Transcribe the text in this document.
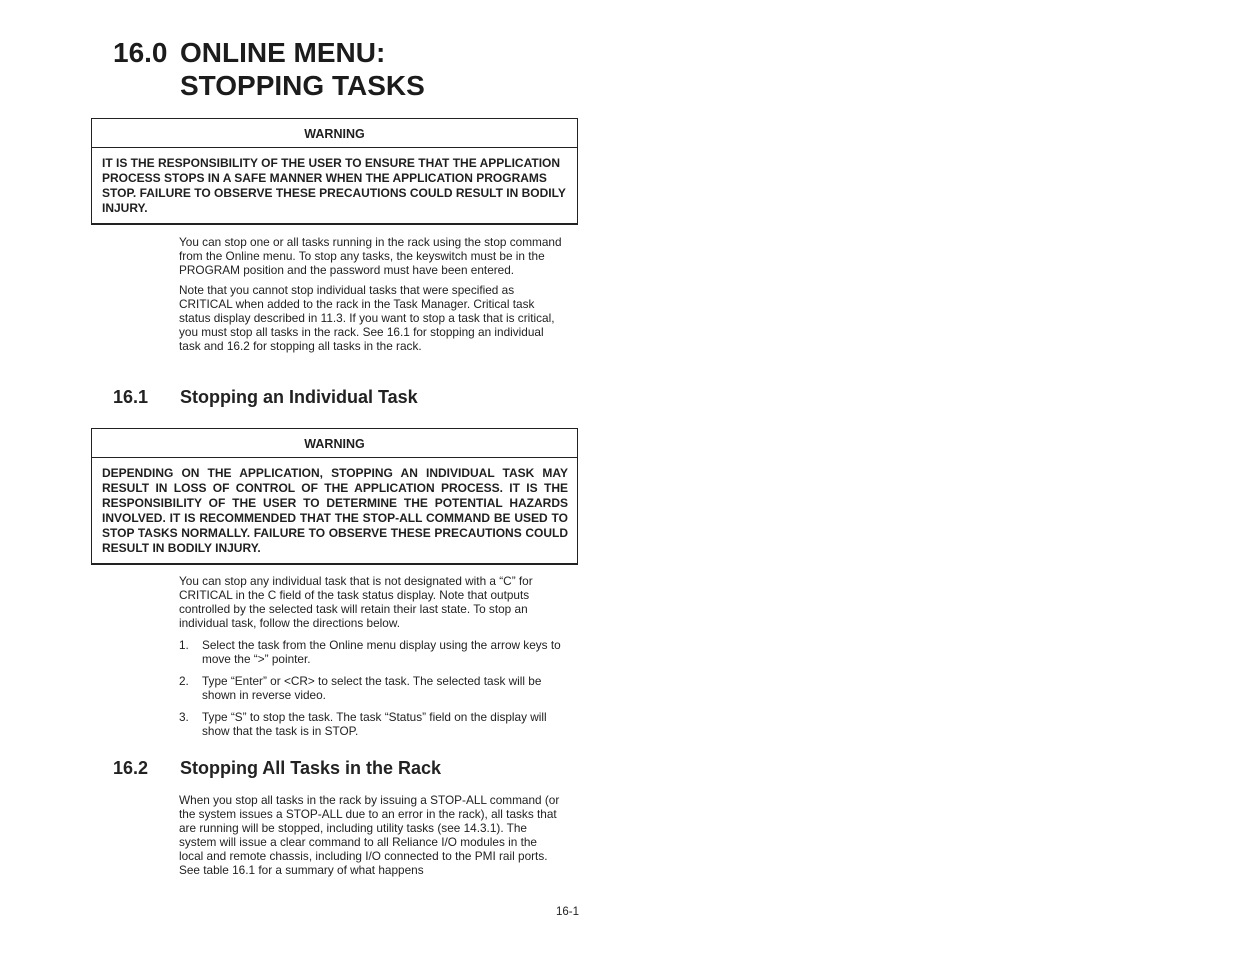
16.0 ONLINE MENU:
STOPPING TASKS
WARNING
IT IS THE RESPONSIBILITY OF THE USER TO ENSURE THAT THE APPLICATION PROCESS STOPS IN A SAFE MANNER WHEN THE APPLICATION PROGRAMS STOP. FAILURE TO OBSERVE THESE PRECAUTIONS COULD RESULT IN BODILY INJURY.

You can stop one or all tasks running in the rack using the stop command from the Online menu. To stop any tasks, the keyswitch must be in the PROGRAM position and the password must have been entered.

Note that you cannot stop individual tasks that were specified as CRITICAL when added to the rack in the Task Manager. Critical task status display described in 11.3. If you want to stop a task that is critical, you must stop all tasks in the rack. See 16.1 for stopping an individual task and 16.2 for stopping all tasks in the rack.

16.1 Stopping an Individual Task
WARNING
DEPENDING ON THE APPLICATION, STOPPING AN INDIVIDUAL TASK MAY RESULT IN LOSS OF CONTROL OF THE APPLICATION PROCESS. IT IS THE RESPONSIBILITY OF THE USER TO DETERMINE THE POTENTIAL HAZARDS INVOLVED. IT IS RECOMMENDED THAT THE STOP-ALL COMMAND BE USED TO STOP TASKS NORMALLY. FAILURE TO OBSERVE THESE PRECAUTIONS COULD RESULT IN BODILY INJURY.

You can stop any individual task that is not designated with a “C” for CRITICAL in the C field of the task status display. Note that outputs controlled by the selected task will retain their last state. To stop an individual task, follow the directions below.

1. Select the task from the Online menu display using the arrow keys to move the “>” pointer.
2. Type “Enter” or <CR> to select the task. The selected task will be shown in reverse video.
3. Type “S” to stop the task. The task “Status” field on the display will show that the task is in STOP.
16.2 Stopping All Tasks in the Rack

When you stop all tasks in the rack by issuing a STOP-ALL command (or the system issues a STOP-ALL due to an error in the rack), all tasks that are running will be stopped, including utility tasks (see 14.3.1). The system will issue a clear command to all Reliance I/O modules in the local and remote chassis, including I/O connected to the PMI rail ports. See table 16.1 for a summary of what happens

16-1
